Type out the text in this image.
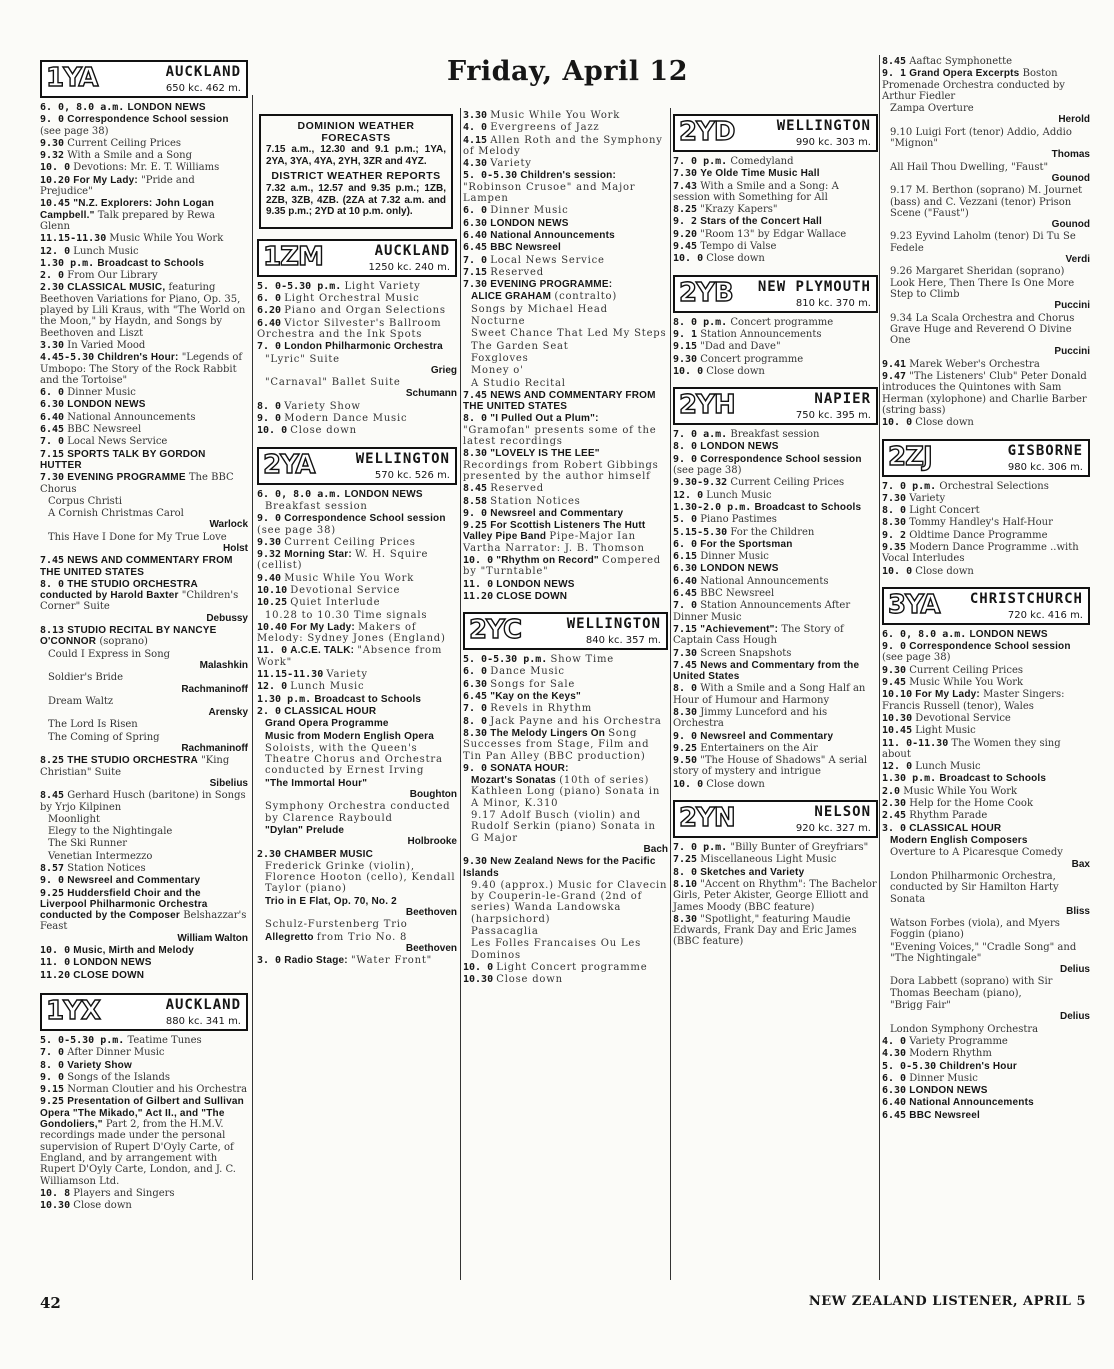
Friday, April 12
1YA	AUCKLAND
650 kc. 462 m.
6. 0, 8.0 a.m. LONDON NEWS
9. 0 Correspondence School session (see page 38)
9.30 Current Ceiling Prices
9.32 With a Smile and a Song
10. 0 Devotions: Mr. E. T. Williams
10.20 For My Lady: "Pride and Prejudice"
10.45 "N.Z. Explorers: John Logan Campbell." Talk prepared by Rewa Glenn
11.15-11.30 Music While You Work
12. 0 Lunch Music
1.30 p.m. Broadcast to Schools
2. 0 From Our Library
2.30 CLASSICAL MUSIC, featuring Beethoven Variations for Piano, Op. 35, played by Lili Kraus, with "The World on the Moon," by Haydn, and Songs by Beethoven and Liszt
3.30 In Varied Mood
4.45-5.30 Children's Hour: "Legends of Umbopo: The Story of the Rock Rabbit and the Tortoise"
6. 0 Dinner Music
6.30 LONDON NEWS
6.40 National Announcements
6.45 BBC Newsreel
7. 0 Local News Service
7.15 SPORTS TALK BY GORDON HUTTER
7.30 EVENING PROGRAMME The BBC Chorus
Corpus Christi
A Cornish Christmas Carol
Warlock
This Have I Done for My True Love
Holst
7.45 NEWS AND COMMENTARY FROM THE UNITED STATES
8. 0 THE STUDIO ORCHESTRA conducted by Harold Baxter "Children's Corner" Suite
Debussy
8.13 STUDIO RECITAL BY NANCYE O'CONNOR (soprano)
Could I Express in Song
Malashkin
Soldier's Bride
Rachmaninoff
Dream Waltz
Arensky
The Lord Is Risen
The Coming of Spring
Rachmaninoff
8.25 THE STUDIO ORCHESTRA "King Christian" Suite
Sibelius
8.45 Gerhard Husch (baritone) in Songs by Yrjo Kilpinen
Moonlight
Elegy to the Nightingale
The Ski Runner
Venetian Intermezzo
8.57 Station Notices
9. 0 Newsreel and Commentary
9.25 Huddersfield Choir and the Liverpool Philharmonic Orchestra conducted by the Composer Belshazzar's Feast
William Walton
10. 0 Music, Mirth and Melody
11. 0 LONDON NEWS
11.20 CLOSE DOWN
1YX	AUCKLAND
880 kc. 341 m.
5. 0-5.30 p.m. Teatime Tunes
7. 0 After Dinner Music
8. 0 Variety Show
9. 0 Songs of the Islands
9.15 Norman Cloutier and his Orchestra
9.25 Presentation of Gilbert and Sullivan Opera "The Mikado," Act II., and "The Gondoliers," Part 2, from the H.M.V. recordings made under the personal supervision of Rupert D'Oyly Carte, of England, and by arrangement with Rupert D'Oyly Carte, London, and J. C. Williamson Ltd.
10. 8 Players and Singers
10.30 Close down
DOMINION WEATHER FORECASTS

7.15 a.m., 12.30 and 9.1 p.m.; 1YA, 2YA, 3YA, 4YA, 2YH, 3ZR and 4YZ.

DISTRICT WEATHER REPORTS

7.32 a.m., 12.57 and 9.35 p.m.; 1ZB, 2ZB, 3ZB, 4ZB. (2ZA at 7.32 a.m. and 9.35 p.m.; 2YD at 10 p.m. only).

1ZM	AUCKLAND
1250 kc. 240 m.
5. 0-5.30 p.m. Light Variety
6. 0 Light Orchestral Music
6.20 Piano and Organ Selections
6.40 Victor Silvester's Ballroom Orchestra and the Ink Spots
7. 0 London Philharmonic Orchestra
"Lyric" Suite
Grieg
"Carnaval" Ballet Suite
Schumann
8. 0 Variety Show
9. 0 Modern Dance Music
10. 0 Close down
2YA	WELLINGTON
570 kc. 526 m.
6. 0, 8.0 a.m. LONDON NEWS
Breakfast session
9. 0 Correspondence School session (see page 38)
9.30 Current Ceiling Prices
9.32 Morning Star: W. H. Squire (cellist)
9.40 Music While You Work
10.10 Devotional Service
10.25 Quiet Interlude
10.28 to 10.30 Time signals
10.40 For My Lady: Makers of Melody: Sydney Jones (England)
11. 0 A.C.E. TALK: "Absence from Work"
11.15-11.30 Variety
12. 0 Lunch Music
1.30 p.m. Broadcast to Schools
2. 0 CLASSICAL HOUR
Grand Opera Programme
Music from Modern English Opera
Soloists, with the Queen's Theatre Chorus and Orchestra conducted by Ernest Irving
"The Immortal Hour"
Boughton
Symphony Orchestra conducted by Clarence Raybould
"Dylan" Prelude
Holbrooke
2.30 CHAMBER MUSIC
Frederick Grinke (violin), Florence Hooton (cello), Kendall Taylor (piano)
Trio in E Flat, Op. 70, No. 2
Beethoven
Schulz-Furstenberg Trio
Allegretto from Trio No. 8
Beethoven
3. 0 Radio Stage: "Water Front"
3.30 Music While You Work
4. 0 Evergreens of Jazz
4.15 Allen Roth and the Symphony of Melody
4.30 Variety
5. 0-5.30 Children's session: "Robinson Crusoe" and Major Lampen
6. 0 Dinner Music
6.30 LONDON NEWS
6.40 National Announcements
6.45 BBC Newsreel
7. 0 Local News Service
7.15 Reserved
7.30 EVENING PROGRAMME:
ALICE GRAHAM (contralto)
Songs by Michael Head
Nocturne
Sweet Chance That Led My Steps
The Garden Seat
Foxgloves
Money o'
A Studio Recital
7.45 NEWS AND COMMENTARY FROM THE UNITED STATES
8. 0 "I Pulled Out a Plum": "Gramofan" presents some of the latest recordings
8.30 "LOVELY IS THE LEE" Recordings from Robert Gibbings presented by the author himself
8.45 Reserved
8.58 Station Notices
9. 0 Newsreel and Commentary
9.25 For Scottish Listeners The Hutt Valley Pipe Band Pipe-Major Ian Vartha Narrator: J. B. Thomson
10. 0 "Rhythm on Record" Compered by "Turntable"
11. 0 LONDON NEWS
11.20 CLOSE DOWN
2YC	WELLINGTON
840 kc. 357 m.
5. 0-5.30 p.m. Show Time
6. 0 Dance Music
6.30 Songs for Sale
6.45 "Kay on the Keys"
7. 0 Revels in Rhythm
8. 0 Jack Payne and his Orchestra
8.30 The Melody Lingers On Song Successes from Stage, Film and Tin Pan Alley (BBC production)
9. 0 SONATA HOUR:
Mozart's Sonatas (10th of series) Kathleen Long (piano) Sonata in A Minor, K.310
9.17 Adolf Busch (violin) and Rudolf Serkin (piano) Sonata in G Major
Bach
9.30 New Zealand News for the Pacific Islands
9.40 (approx.) Music for Clavecin by Couperin-le-Grand (2nd of series) Wanda Landowska (harpsichord)
Passacaglia
Les Folles Francaises Ou Les Dominos
10. 0 Light Concert programme
10.30 Close down
2YD	WELLINGTON
990 kc. 303 m.
7. 0 p.m. Comedyland
7.30 Ye Olde Time Music Hall
7.43 With a Smile and a Song: A session with Something for All
8.25 "Krazy Kapers"
9. 2 Stars of the Concert Hall
9.20 "Room 13" by Edgar Wallace
9.45 Tempo di Valse
10. 0 Close down
2YB NEW PLYMOUTH
810 kc. 370 m.
8. 0 p.m. Concert programme
9. 1 Station Announcements
9.15 "Dad and Dave"
9.30 Concert programme
10. 0 Close down
2YH	NAPIER
750 kc. 395 m.
7. 0 a.m. Breakfast session
8. 0 LONDON NEWS
9. 0 Correspondence School session (see page 38)
9.30-9.32 Current Ceiling Prices
12. 0 Lunch Music
1.30-2.0 p.m. Broadcast to Schools
5. 0 Piano Pastimes
5.15-5.30 For the Children
6. 0 For the Sportsman
6.15 Dinner Music
6.30 LONDON NEWS
6.40 National Announcements
6.45 BBC Newsreel
7. 0 Station Announcements After Dinner Music
7.15 "Achievement": The Story of Captain Cass Hough
7.30 Screen Snapshots
7.45 News and Commentary from the United States
8. 0 With a Smile and a Song Half an Hour of Humour and Harmony
8.30 Jimmy Lunceford and his Orchestra
9. 0 Newsreel and Commentary
9.25 Entertainers on the Air
9.50 "The House of Shadows" A serial story of mystery and intrigue
10. 0 Close down
2YN	NELSON
920 kc. 327 m.
7. 0 p.m. "Billy Bunter of Greyfriars"
7.25 Miscellaneous Light Music
8. 0 Sketches and Variety
8.10 "Accent on Rhythm": The Bachelor Girls, Peter Akister, George Elliott and James Moody (BBC feature)
8.30 "Spotlight," featuring Maudie Edwards, Frank Day and Eric James (BBC feature)
8.45 Aaftac Symphonette
9. 1 Grand Opera Excerpts Boston Promenade Orchestra conducted by Arthur Fiedler
Zampa Overture
Herold
9.10 Luigi Fort (tenor) Addio, Addio "Mignon"
Thomas
All Hail Thou Dwelling, "Faust"
Gounod
9.17 M. Berthon (soprano) M. Journet (bass) and C. Vezzani (tenor) Prison Scene ("Faust")
Gounod
9.23 Eyvind Laholm (tenor) Di Tu Se Fedele
Verdi
9.26 Margaret Sheridan (soprano) Look Here, Then There Is One More Step to Climb
Puccini
9.34 La Scala Orchestra and Chorus Grave Huge and Reverend O Divine One
Puccini
9.41 Marek Weber's Orchestra
9.47 "The Listeners' Club" Peter Donald introduces the Quintones with Sam Herman (xylophone) and Charlie Barber (string bass)
10. 0 Close down
2ZJ	GISBORNE
980 kc. 306 m.
7. 0 p.m. Orchestral Selections
7.30 Variety
8. 0 Light Concert
8.30 Tommy Handley's Half-Hour
9. 2 Oldtime Dance Programme
9.35 Modern Dance Programme ..with Vocal Interludes
10. 0 Close down
3YA CHRISTCHURCH
720 kc. 416 m.
6. 0, 8.0 a.m. LONDON NEWS
9. 0 Correspondence School session (see page 38)
9.30 Current Ceiling Prices
9.45 Music While You Work
10.10 For My Lady: Master Singers: Francis Russell (tenor), Wales
10.30 Devotional Service
10.45 Light Music
11. 0-11.30 The Women they sing about
12. 0 Lunch Music
1.30 p.m. Broadcast to Schools
2.0 Music While You Work
2.30 Help for the Home Cook
2.45 Rhythm Parade
3. 0 CLASSICAL HOUR
Modern English Composers
Overture to A Picaresque Comedy
Bax
London Philharmonic Orchestra, conducted by Sir Hamilton Harty
Sonata
Bliss
Watson Forbes (viola), and Myers Foggin (piano)
"Evening Voices," "Cradle Song" and "The Nightingale"
Delius
Dora Labbett (soprano) with Sir Thomas Beecham (piano),
"Brigg Fair"
Delius
London Symphony Orchestra
4. 0 Variety Programme
4.30 Modern Rhythm
5. 0-5.30 Children's Hour
6. 0 Dinner Music
6.30 LONDON NEWS
6.40 National Announcements
6.45 BBC Newsreel
42	NEW ZEALAND LISTENER, APRIL 5
